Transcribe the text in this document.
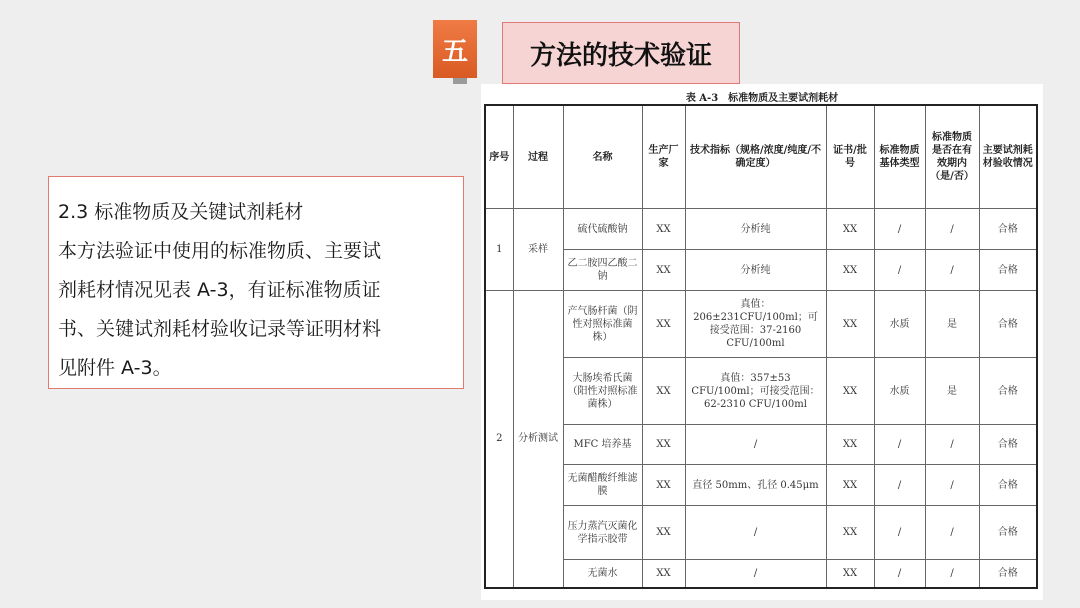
五	方法的技术验证

2.3 标准物质及关键试剂耗材

本方法验证中使用的标准物质、主要试

剂耗材情况见表 A-3，有证标准物质证

书、关键试剂耗材验收记录等证明材料

见附件 A-3。

表 A-3　标准物质及主要试剂耗材
序号	过程	名称	生产厂家	技术指标（规格/浓度/纯度/不确定度）	证书/批号	标准物质基体类型	标准物质是否在有效期内（是/否）	主要试剂耗材验收情况
1	采样	硫代硫酸钠	XX	分析纯	XX	/	/	合格
		乙二胺四乙酸二钠	XX	分析纯	XX	/	/	合格
2	分析测试	产气肠杆菌（阴性对照标准菌株）	XX	真值：206±231CFU/100ml；可接受范围：37-2160 CFU/100ml	XX	水质	是	合格
		大肠埃希氏菌（阳性对照标准菌株）	XX	真值：357±53 CFU/100ml；可接受范围：62-2310 CFU/100ml	XX	水质	是	合格
		MFC 培养基	XX	/	XX	/	/	合格
		无菌醋酸纤维滤膜	XX	直径 50mm、孔径 0.45μm	XX	/	/	合格
		压力蒸汽灭菌化学指示胶带	XX	/	XX	/	/	合格
		无菌水	XX	/	XX	/	/	合格
